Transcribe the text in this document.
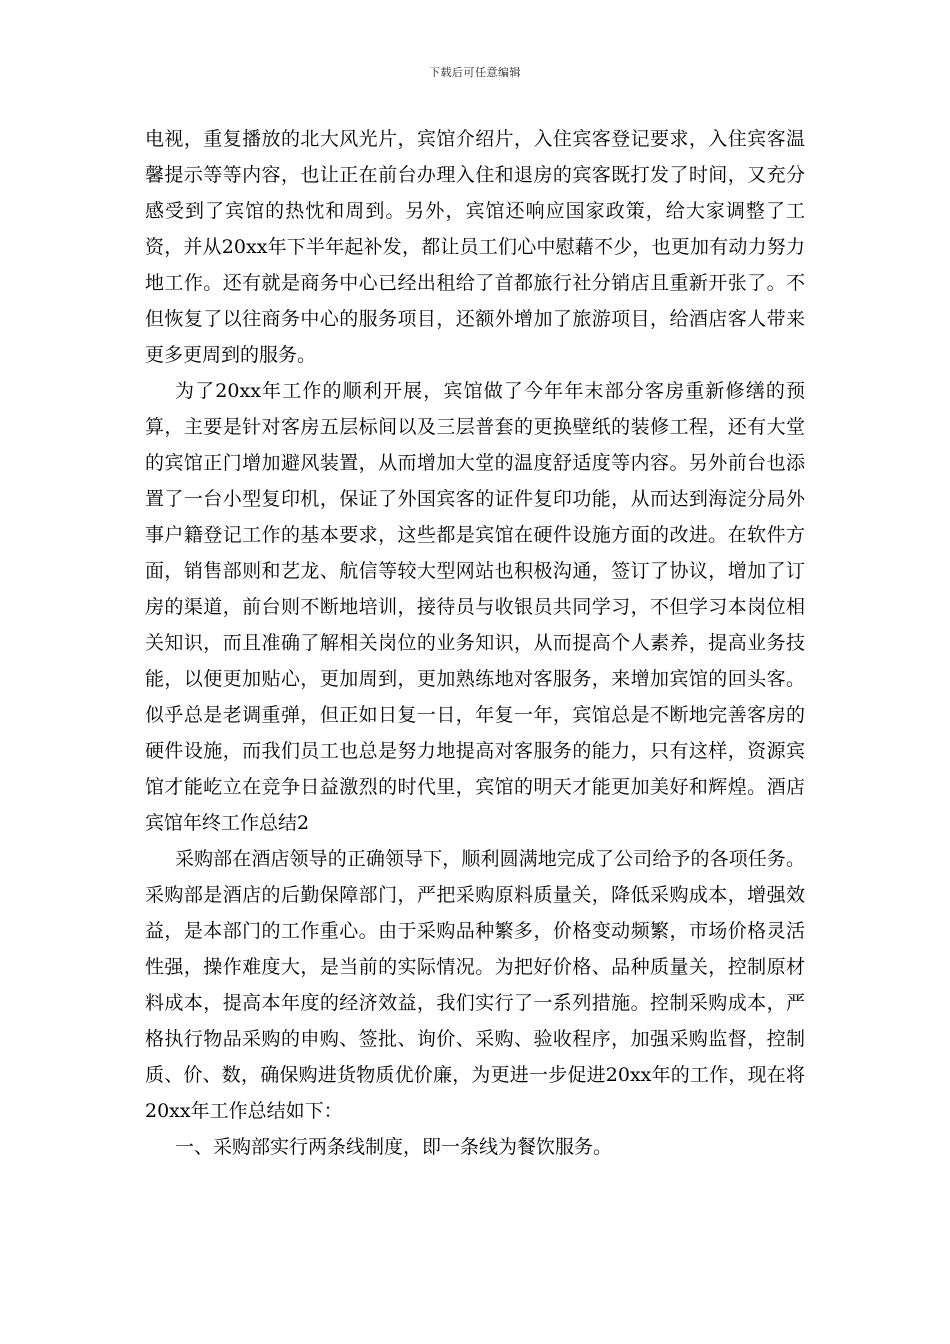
下载后可任意编辑

电视，重复播放的北大风光片，宾馆介绍片，入住宾客登记要求，入住宾客温馨提示等等内容，也让正在前台办理入住和退房的宾客既打发了时间，又充分感受到了宾馆的热忱和周到。另外，宾馆还响应国家政策，给大家调整了工资，并从20xx年下半年起补发，都让员工们心中慰藉不少，也更加有动力努力地工作。还有就是商务中心已经出租给了首都旅行社分销店且重新开张了。不但恢复了以往商务中心的服务项目，还额外增加了旅游项目，给酒店客人带来更多更周到的服务。

为了20xx年工作的顺利开展，宾馆做了今年年末部分客房重新修缮的预算，主要是针对客房五层标间以及三层普套的更换壁纸的装修工程，还有大堂的宾馆正门增加避风装置，从而增加大堂的温度舒适度等内容。另外前台也添置了一台小型复印机，保证了外国宾客的证件复印功能，从而达到海淀分局外事户籍登记工作的基本要求，这些都是宾馆在硬件设施方面的改进。在软件方面，销售部则和艺龙、航信等较大型网站也积极沟通，签订了协议，增加了订房的渠道，前台则不断地培训，接待员与收银员共同学习，不但学习本岗位相关知识，而且准确了解相关岗位的业务知识，从而提高个人素养，提高业务技能，以便更加贴心，更加周到，更加熟练地对客服务，来增加宾馆的回头客。似乎总是老调重弹，但正如日复一日，年复一年，宾馆总是不断地完善客房的硬件设施，而我们员工也总是努力地提高对客服务的能力，只有这样，资源宾馆才能屹立在竞争日益激烈的时代里，宾馆的明天才能更加美好和辉煌。酒店宾馆年终工作总结2

采购部在酒店领导的正确领导下，顺利圆满地完成了公司给予的各项任务。采购部是酒店的后勤保障部门，严把采购原料质量关，降低采购成本，增强效益，是本部门的工作重心。由于采购品种繁多，价格变动频繁，市场价格灵活性强，操作难度大，是当前的实际情况。为把好价格、品种质量关，控制原材料成本，提高本年度的经济效益，我们实行了一系列措施。控制采购成本，严格执行物品采购的申购、签批、询价、采购、验收程序，加强采购监督，控制质、价、数，确保购进货物质优价廉，为更进一步促进20xx年的工作，现在将20xx年工作总结如下：

一、采购部实行两条线制度，即一条线为餐饮服务。
